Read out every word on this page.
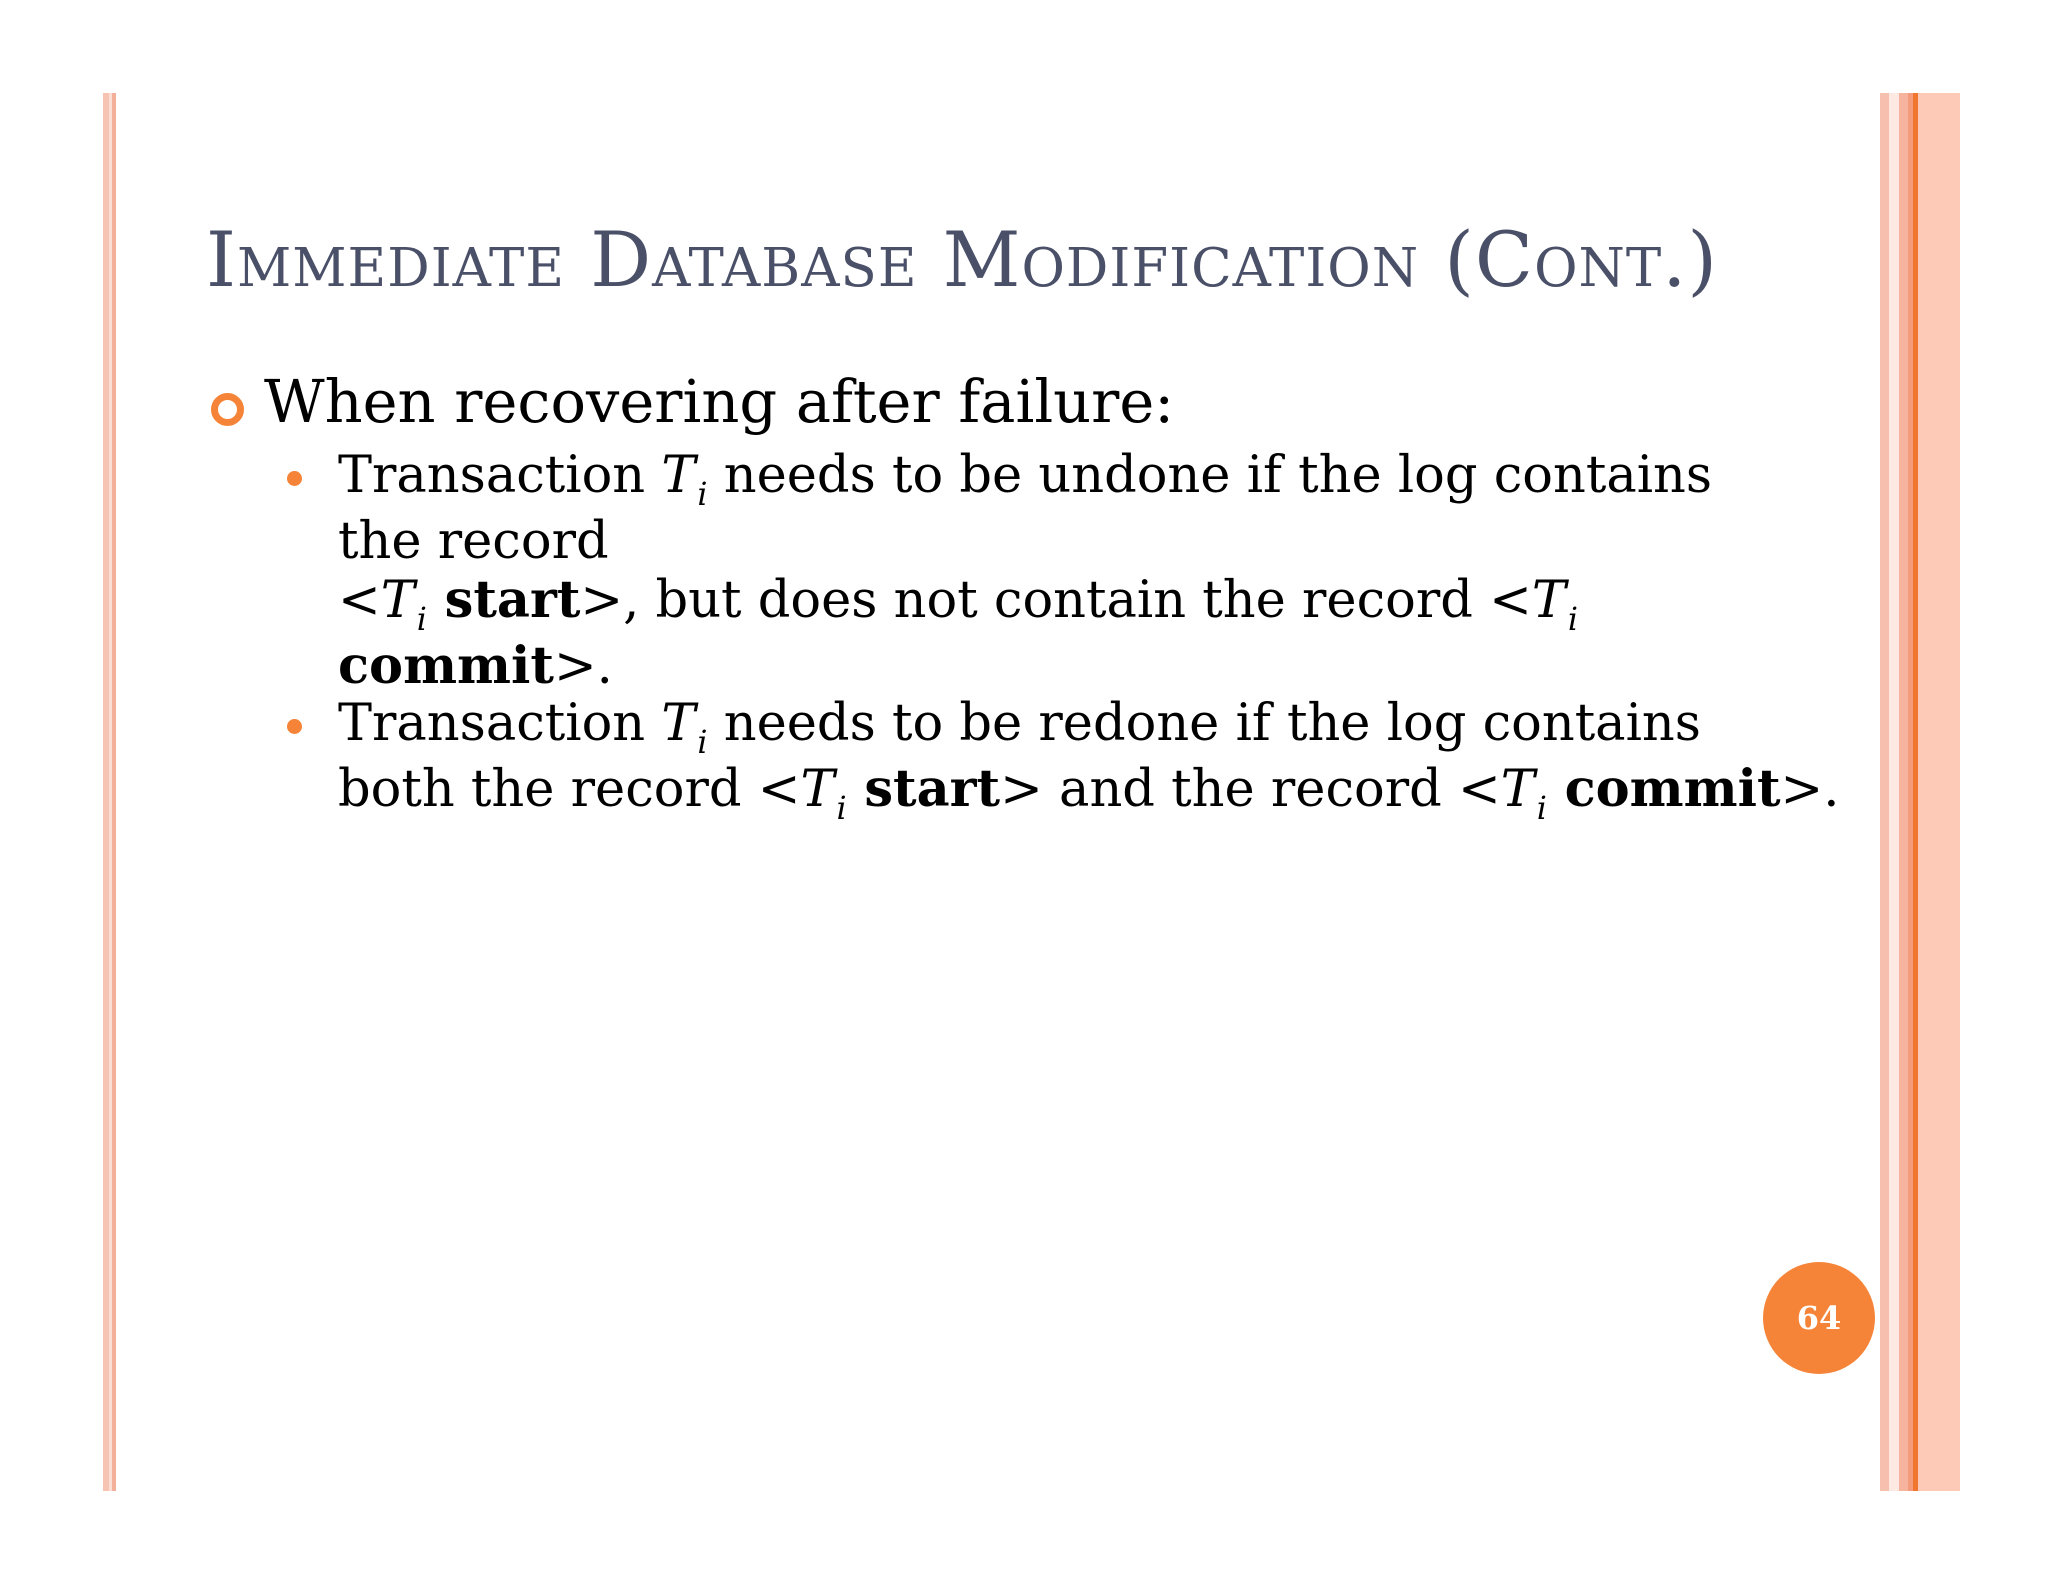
Immediate Database Modification (Cont.)
When recovering after failure:
Transaction $T_i$ needs to be undone if the log contains
the record
$<T_i$ start>, but does not contain the record $<T_i$
commit>.
Transaction $T_i$ needs to be redone if the log contains
both the record $<T_i$ start> and the record $<T_i$ commit>.
64
